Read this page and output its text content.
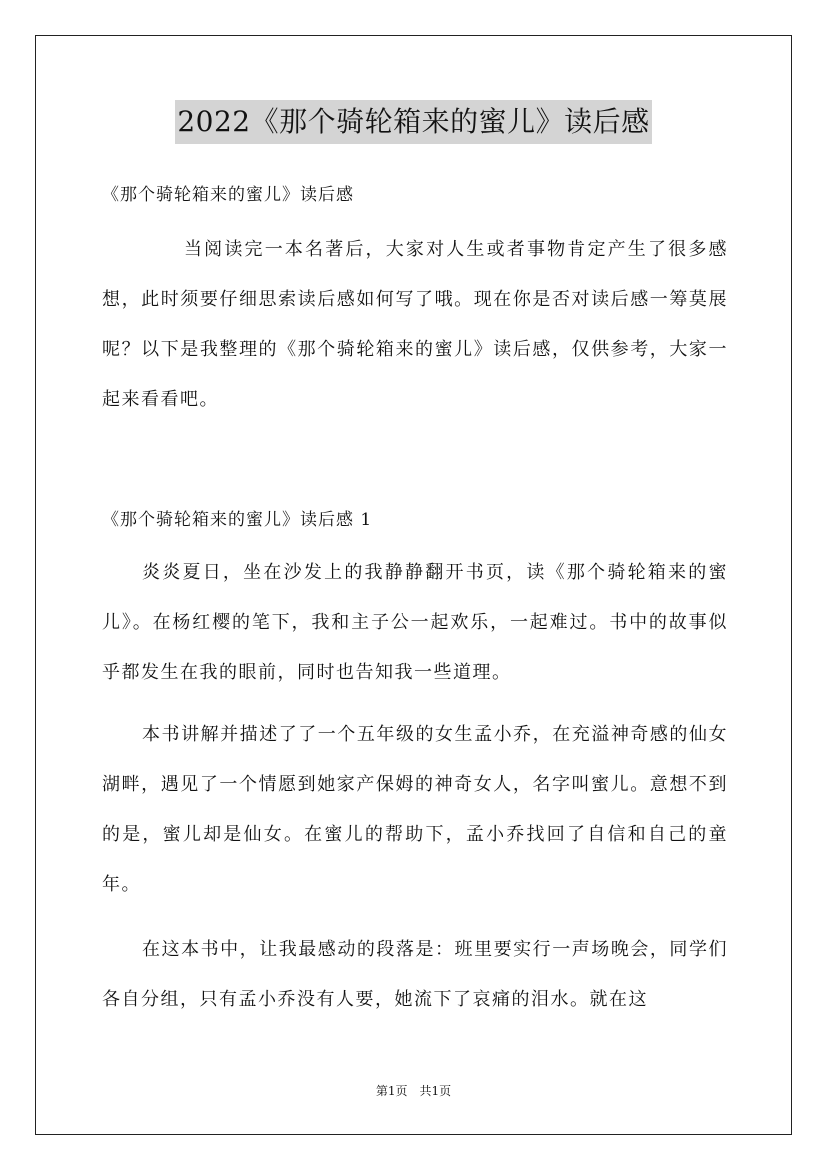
2022《那个骑轮箱来的蜜儿》读后感
《那个骑轮箱来的蜜儿》读后感
当阅读完一本名著后，大家对人生或者事物肯定产生了很多感想，此时须要仔细思索读后感如何写了哦。现在你是否对读后感一筹莫展呢？以下是我整理的《那个骑轮箱来的蜜儿》读后感，仅供参考，大家一起来看看吧。
《那个骑轮箱来的蜜儿》读后感 1
炎炎夏日，坐在沙发上的我静静翻开书页，读《那个骑轮箱来的蜜儿》。在杨红樱的笔下，我和主子公一起欢乐，一起难过。书中的故事似乎都发生在我的眼前，同时也告知我一些道理。
本书讲解并描述了了一个五年级的女生孟小乔，在充溢神奇感的仙女湖畔，遇见了一个情愿到她家产保姆的神奇女人，名字叫蜜儿。意想不到的是，蜜儿却是仙女。在蜜儿的帮助下，孟小乔找回了自信和自己的童年。
在这本书中，让我最感动的段落是：班里要实行一声场晚会，同学们各自分组，只有孟小乔没有人要，她流下了哀痛的泪水。就在这
第1页　共1页
